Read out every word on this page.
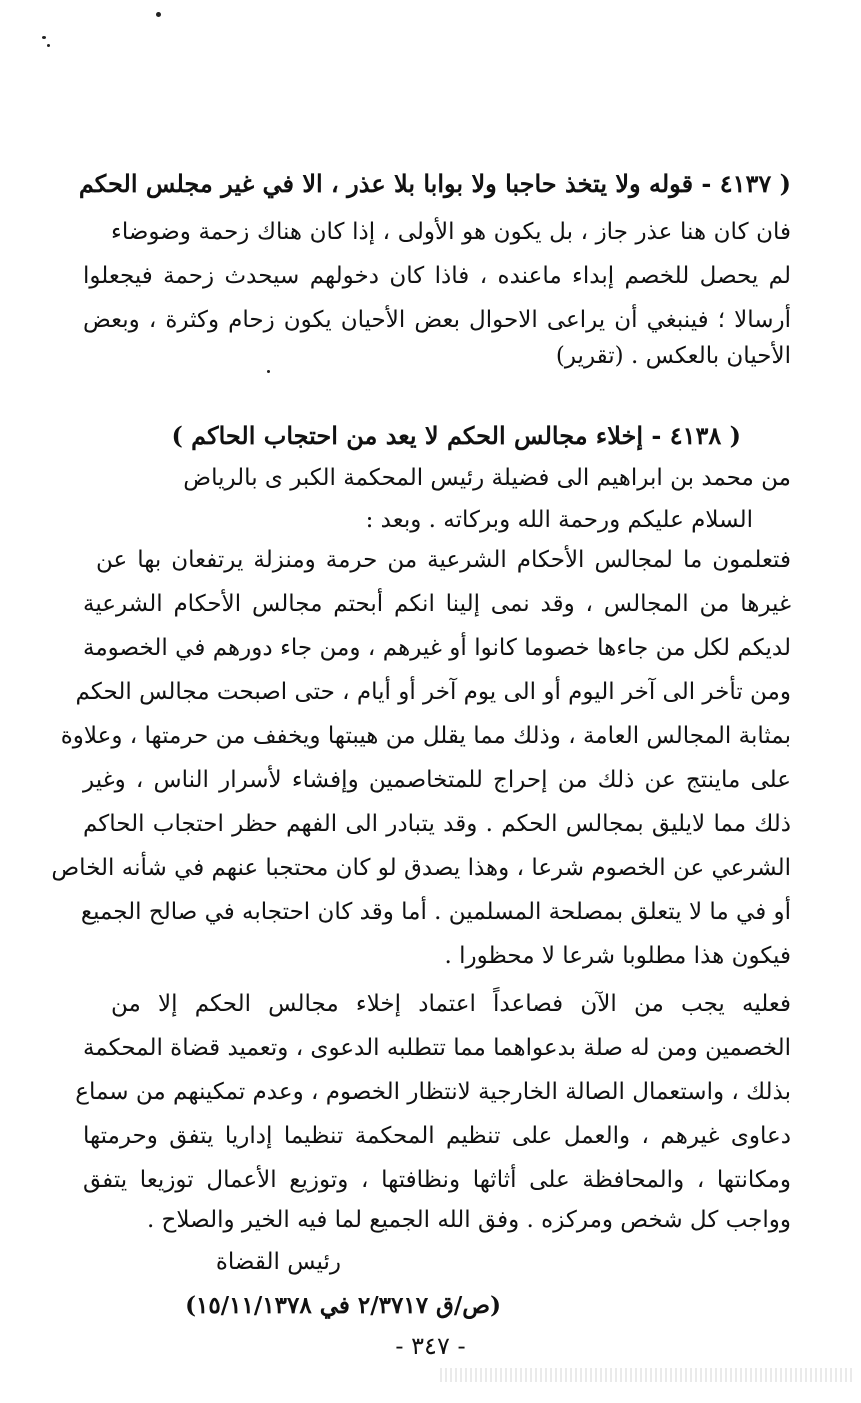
( ٤١٣٧ - قوله ولا يتخذ حاجبا ولا بوابا بلا عذر ، الا في غير مجلس الحكم
فان كان هنا عذر جاز ، بل يكون هو الأولى ، إذا كان هناك زحمة وضوضاء
لم يحصل للخصم إبداء ماعنده ، فاذا كان دخولهم سيحدث زحمة فيجعلوا
أرسالا ؛ فينبغي أن يراعى الاحوال بعض الأحيان يكون زحام وكثرة ، وبعض
الأحيان بالعكس . (تقرير)
( ٤١٣٨ - إخلاء مجالس الحكم لا يعد من احتجاب الحاكم )
من محمد بن ابراهيم الى فضيلة رئيس المحكمة الكبر ى بالرياض
السلام عليكم ورحمة الله وبركاته . وبعد :
فتعلمون ما لمجالس الأحكام الشرعية من حرمة ومنزلة يرتفعان بها عن
غيرها من المجالس ، وقد نمى إلينا انكم أبحتم مجالس الأحكام الشرعية
لديكم لكل من جاءها خصوما كانوا أو غيرهم ، ومن جاء دورهم في الخصومة
ومن تأخر الى آخر اليوم أو الى يوم آخر أو أيام ، حتى اصبحت مجالس الحكم
بمثابة المجالس العامة ، وذلك مما يقلل من هيبتها ويخفف من حرمتها ، وعلاوة
على ماينتج عن ذلك من إحراج للمتخاصمين وإفشاء لأسرار الناس ، وغير
ذلك مما لايليق بمجالس الحكم . وقد يتبادر الى الفهم حظر احتجاب الحاكم
الشرعي عن الخصوم شرعا ، وهذا يصدق لو كان محتجبا عنهم في شأنه الخاص
أو في ما لا يتعلق بمصلحة المسلمين . أما وقد كان احتجابه في صالح الجميع
فيكون هذا مطلوبا شرعا لا محظورا .
فعليه يجب من الآن فصاعداً اعتماد إخلاء مجالس الحكم إلا من
الخصمين ومن له صلة بدعواهما مما تتطلبه الدعوى ، وتعميد قضاة المحكمة
بذلك ، واستعمال الصالة الخارجية لانتظار الخصوم ، وعدم تمكينهم من سماع
دعاوى غيرهم ، والعمل على تنظيم المحكمة تنظيما إداريا يتفق وحرمتها
ومكانتها ، والمحافظة على أثاثها ونظافتها ، وتوزيع الأعمال توزيعا يتفق
وواجب كل شخص ومركزه . وفق الله الجميع لما فيه الخير والصلاح .
رئيس القضاة
(ص/ق ٢/٣٧١٧ في ١٥/١١/١٣٧٨)
- ٣٤٧ -
